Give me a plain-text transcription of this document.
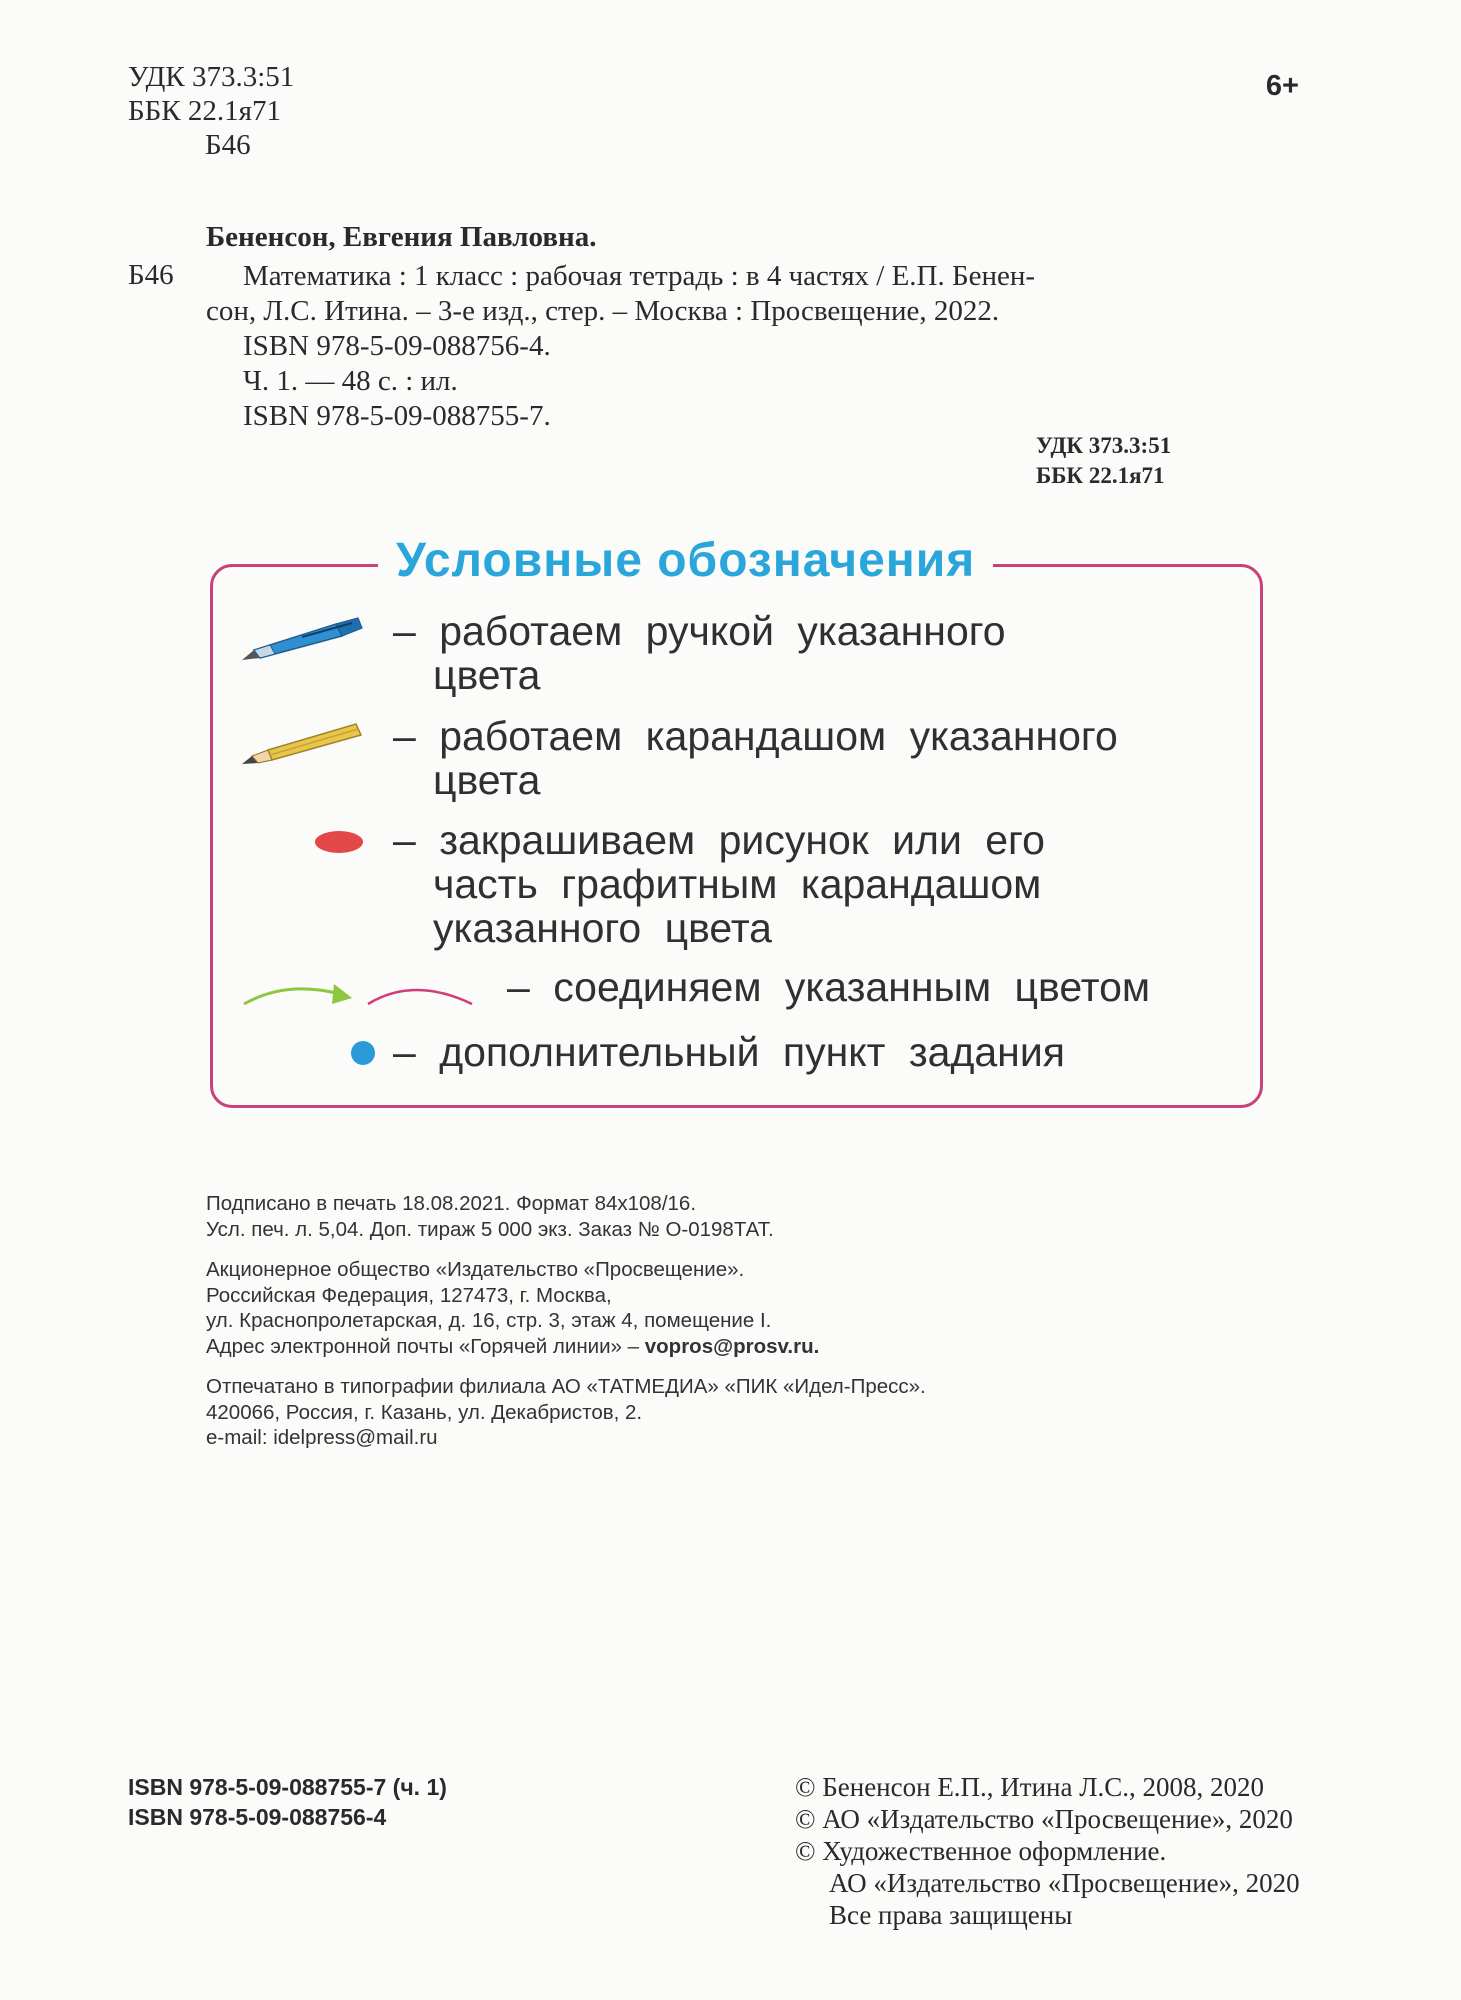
УДК 373.3:51
ББК 22.1я71
Б46
6+
Бененсон, Евгения Павловна.
Б46 Математика : 1 класс : рабочая тетрадь : в 4 частях / Е.П. Бенен-
сон, Л.С. Итина. – 3-е изд., стер. – Москва : Просвещение, 2022.
ISBN 978-5-09-088756-4.
Ч. 1. — 48 с. : ил.
ISBN 978-5-09-088755-7.
УДК 373.3:51
ББК 22.1я71
Условные обозначения
– работаем ручкой указанного
цвета
– работаем карандашом указанного
цвета
– закрашиваем рисунок или его
часть графитным карандашом
указанного цвета
– соединяем указанным цветом
– дополнительный пункт задания
Подписано в печать 18.08.2021. Формат 84х108/16.
Усл. печ. л. 5,04. Доп. тираж 5 000 экз. Заказ № О-0198ТАТ.
Акционерное общество «Издательство «Просвещение».
Российская Федерация, 127473, г. Москва,
ул. Краснопролетарская, д. 16, стр. 3, этаж 4, помещение I.
Адрес электронной почты «Горячей линии» – vopros@prosv.ru.
Отпечатано в типографии филиала АО «ТАТМЕДИА» «ПИК «Идел-Пресс».
420066, Россия, г. Казань, ул. Декабристов, 2.
e-mail: idelpress@mail.ru
ISBN 978-5-09-088755-7 (ч. 1)
ISBN 978-5-09-088756-4
© Бененсон Е.П., Итина Л.С., 2008, 2020
© АО «Издательство «Просвещение», 2020
© Художественное оформление.
АО «Издательство «Просвещение», 2020
Все права защищены
